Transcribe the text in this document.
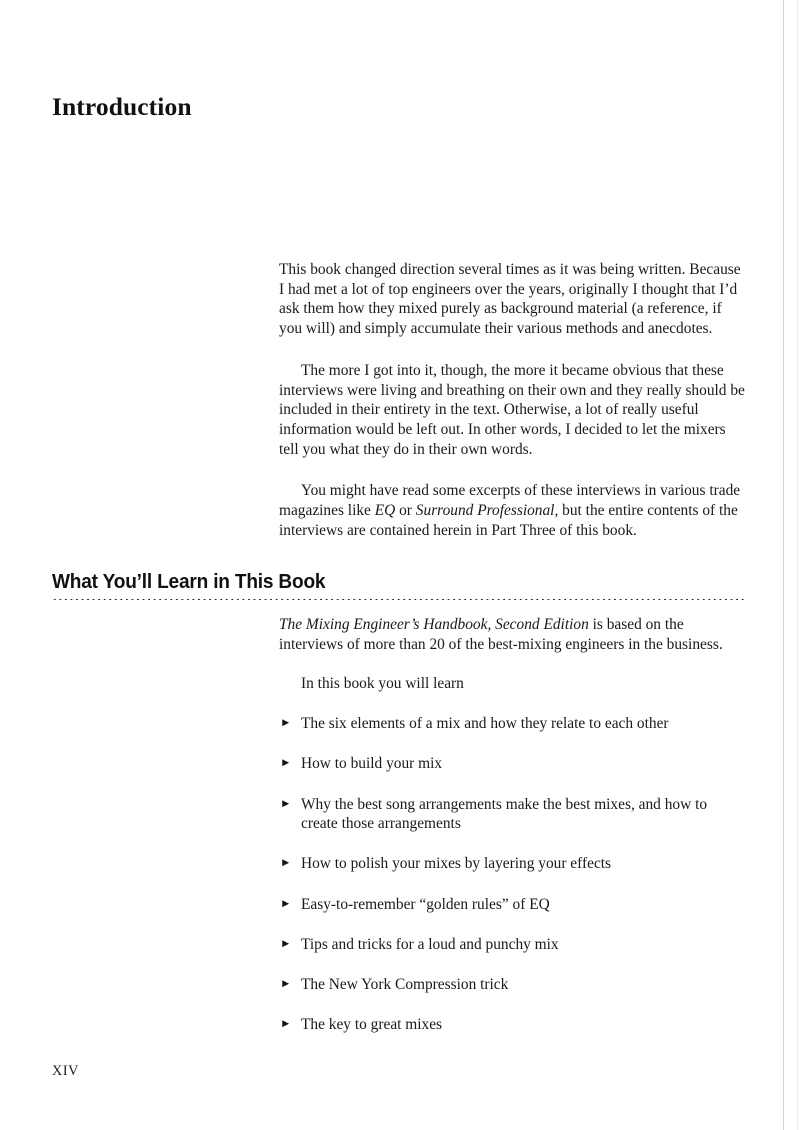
Introduction

This book changed direction several times as it was being written. Because I had met a lot of top engineers over the years, originally I thought that I’d ask them how they mixed purely as background material (a reference, if you will) and simply accumulate their various methods and anecdotes.

The more I got into it, though, the more it became obvious that these interviews were living and breathing on their own and they really should be included in their entirety in the text. Otherwise, a lot of really useful information would be left out. In other words, I decided to let the mixers tell you what they do in their own words.

You might have read some excerpts of these interviews in various trade magazines like EQ or Surround Professional, but the entire contents of the interviews are contained herein in Part Three of this book.

What You’ll Learn in This Book

The Mixing Engineer’s Handbook, Second Edition is based on the interviews of more than 20 of the best-mixing engineers in the business.

In this book you will learn

► The six elements of a mix and how they relate to each other
► How to build your mix
► Why the best song arrangements make the best mixes, and how to create those arrangements
► How to polish your mixes by layering your effects
► Easy-to-remember “golden rules” of EQ
► Tips and tricks for a loud and punchy mix
► The New York Compression trick
► The key to great mixes
XIV
